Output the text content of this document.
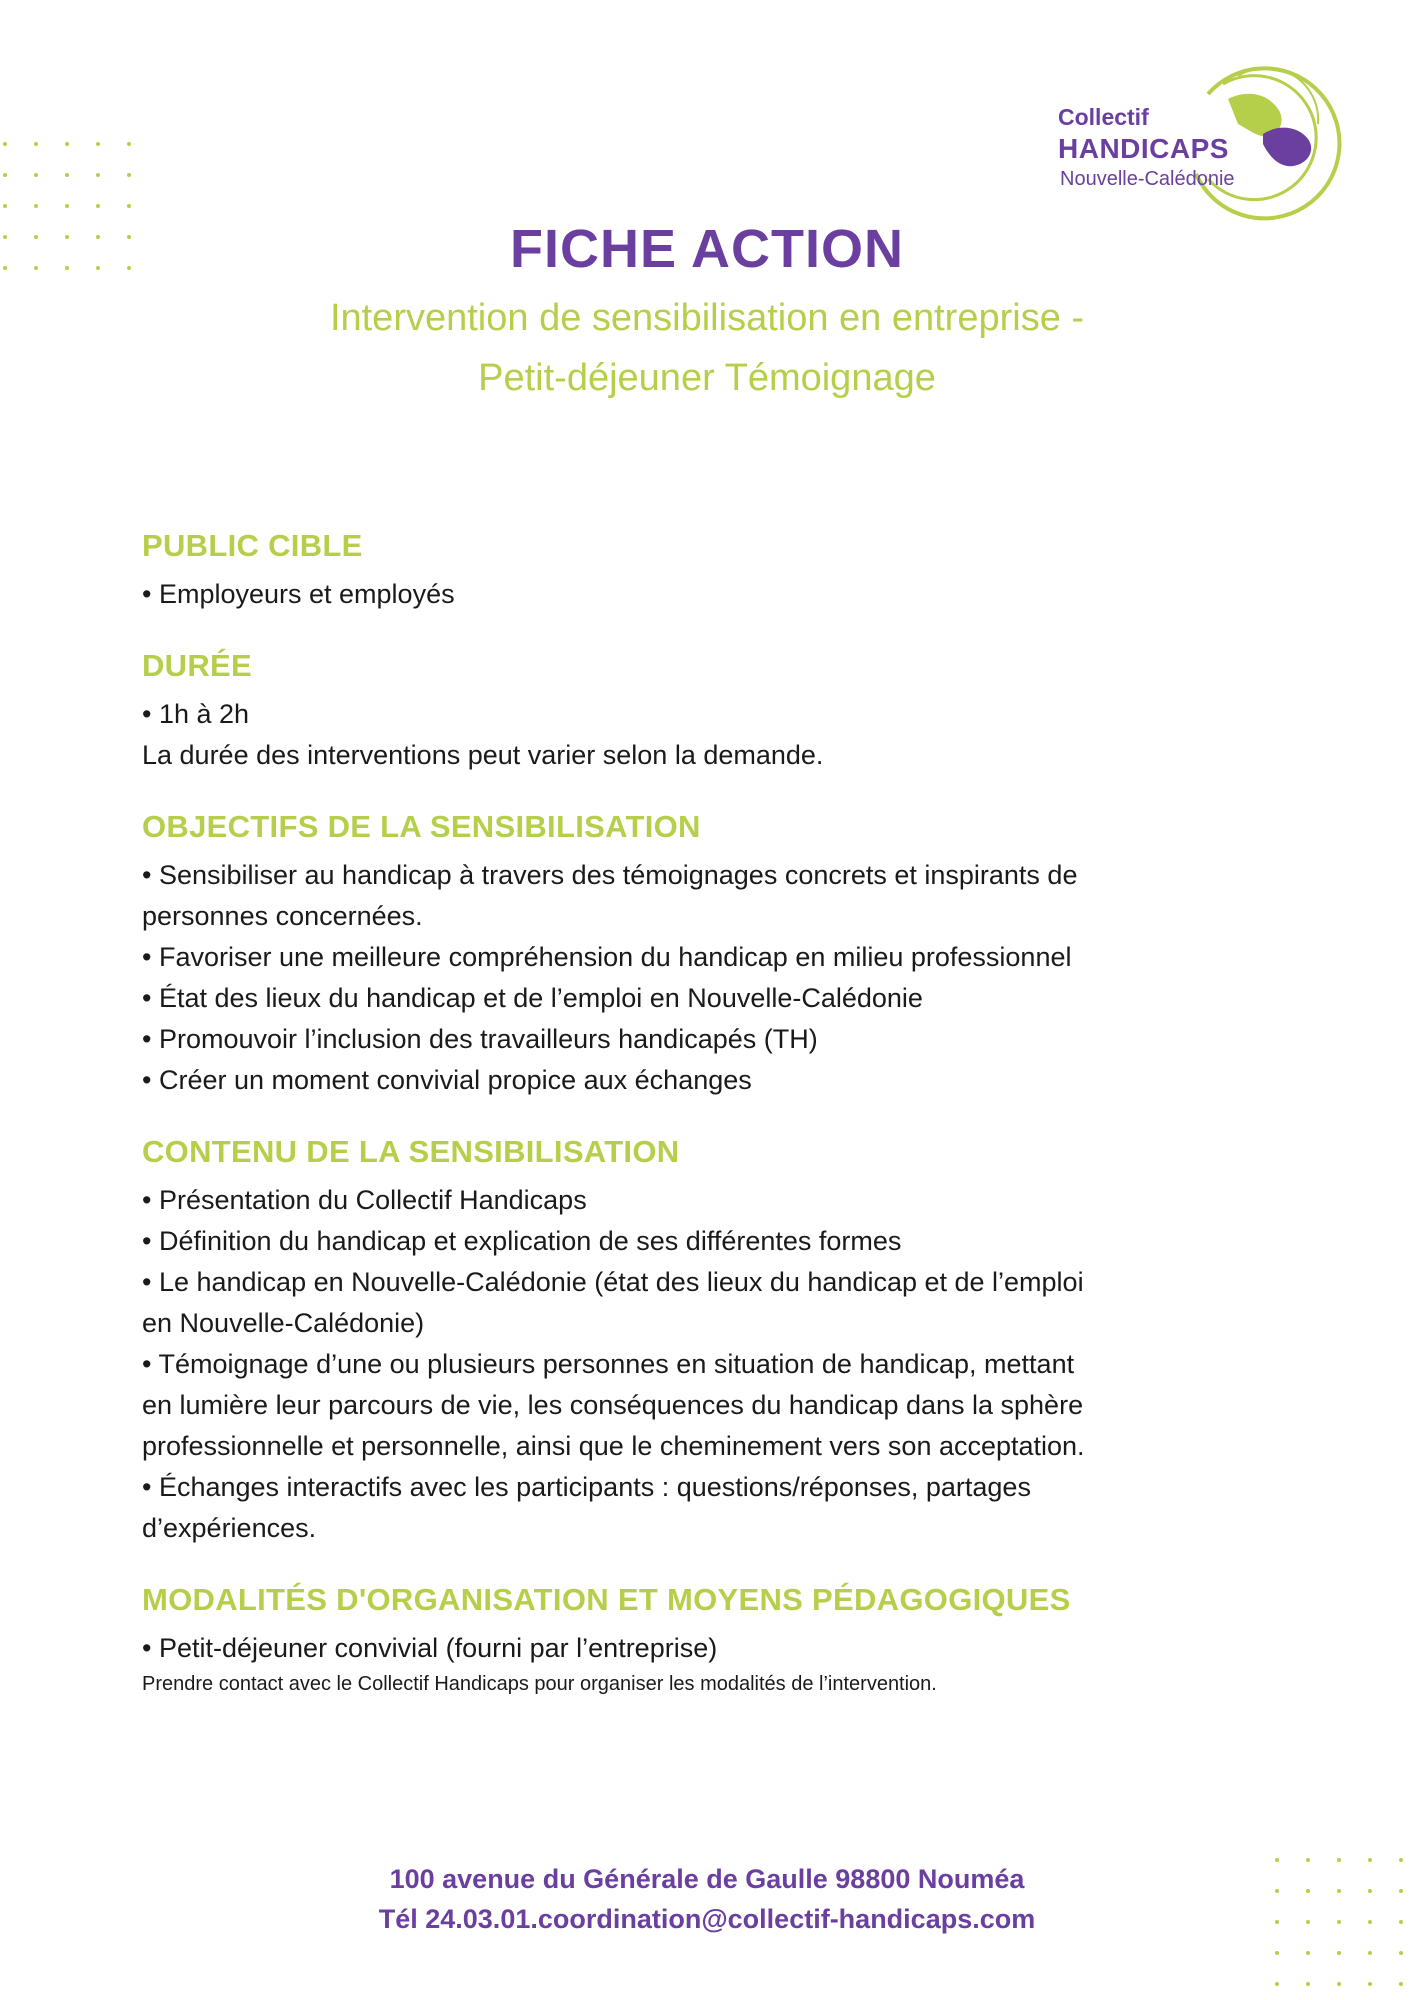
Collectif
HANDICAPS
Nouvelle-Calédonie
FICHE ACTION
Intervention de sensibilisation en entreprise -
Petit-déjeuner Témoignage
PUBLIC CIBLE
• Employeurs et employés
DURÉE
• 1h à 2h
La durée des interventions peut varier selon la demande.
OBJECTIFS DE LA SENSIBILISATION
• Sensibiliser au handicap à travers des témoignages concrets et inspirants de
personnes concernées.
• Favoriser une meilleure compréhension du handicap en milieu professionnel
• État des lieux du handicap et de l’emploi en Nouvelle-Calédonie
• Promouvoir l’inclusion des travailleurs handicapés (TH)
• Créer un moment convivial propice aux échanges
CONTENU DE LA SENSIBILISATION
• Présentation du Collectif Handicaps
• Définition du handicap et explication de ses différentes formes
• Le handicap en Nouvelle-Calédonie (état des lieux du handicap et de l’emploi
en Nouvelle-Calédonie)
• Témoignage d’une ou plusieurs personnes en situation de handicap, mettant
en lumière leur parcours de vie, les conséquences du handicap dans la sphère
professionnelle et personnelle, ainsi que le cheminement vers son acceptation.
• Échanges interactifs avec les participants : questions/réponses, partages
d’expériences.
MODALITÉS D'ORGANISATION ET MOYENS PÉDAGOGIQUES
• Petit-déjeuner convivial (fourni par l’entreprise)
Prendre contact avec le Collectif Handicaps pour organiser les modalités de l’intervention.
100 avenue du Générale de Gaulle 98800 Nouméa
Tél 24.03.01.coordination@collectif-handicaps.com
